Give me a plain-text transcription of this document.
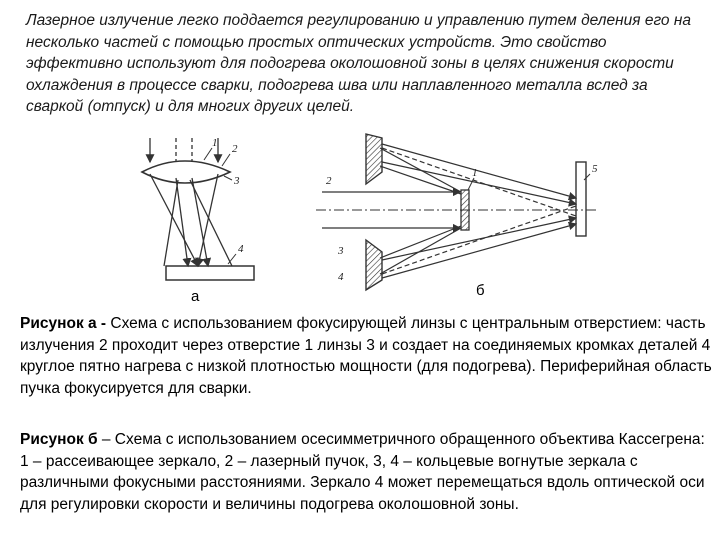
Лазерное излучение легко поддается регулированию и управлению путем деления его на несколько частей с помощью простых оптических устройств. Это свойство эффективно используют для подогрева околошовной зоны в целях снижения скорости охлаждения в процессе сварки, подогрева шва или наплавленного металла вслед за сваркой (отпуск) и для многих других целей.
1 2
3
4
1
2
3
4
5
а	б
Рисунок а - Схема с использованием фокусирующей линзы с центральным отверстием: часть излучения 2 проходит через отверстие 1 линзы 3 и создает на соединяемых кромках деталей 4 круглое пятно нагрева с низкой плотностью мощности (для подогрева). Периферийная область пучка фокусируется для сварки.
Рисунок б – Схема с использованием осесимметричного обращенного объектива Кассегрена: 1 – рассеивающее зеркало, 2 – лазерный пучок, 3, 4 – кольцевые вогнутые зеркала с различными фокусными расстояниями. Зеркало 4 может перемещаться вдоль оптической оси для регулировки скорости и величины подогрева околошовной зоны.
